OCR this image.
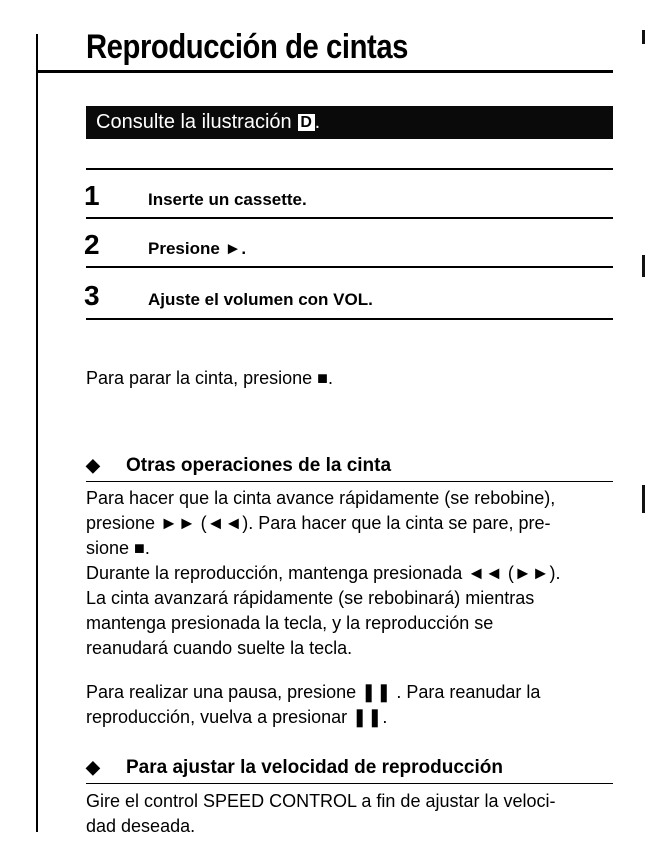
Reproducción de cintas
Consulte la ilustración D .
1	Inserte un cassette.
2	Presione ►.
3	Ajuste el volumen con VOL.
Para parar la cinta, presione ■.
◆ Otras operaciones de la cinta
Para hacer que la cinta avance rápidamente (se rebobine),
presione ►► (◄◄). Para hacer que la cinta se pare, pre-
sione ■.
Durante la reproducción, mantenga presionada ◄◄ (►►).
La cinta avanzará rápidamente (se rebobinará) mientras
mantenga presionada la tecla, y la reproducción se
reanudará cuando suelte la tecla.
Para realizar una pausa, presione ❚❚ . Para reanudar la
reproducción, vuelva a presionar ❚❚.
◆ Para ajustar la velocidad de reproducción
Gire el control SPEED CONTROL a fin de ajustar la veloci-
dad deseada.
